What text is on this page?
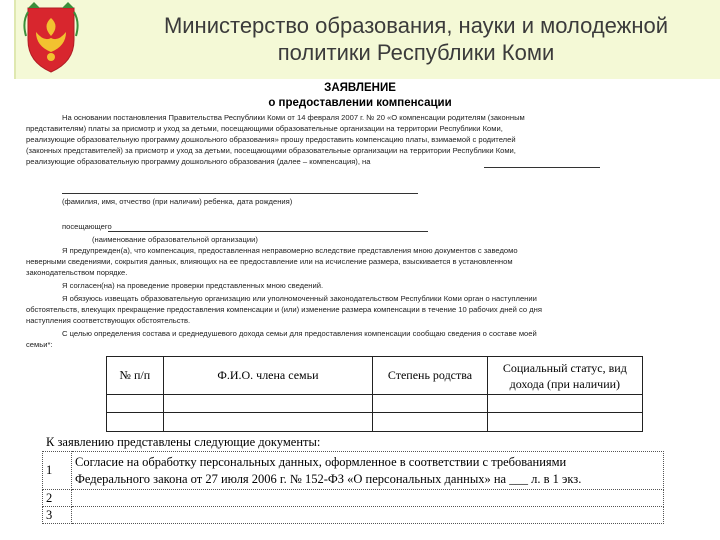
Министерство образования, науки и молодежной
политики Республики Коми
ЗАЯВЛЕНИЕ
о предоставлении компенсации
На основании постановления Правительства Республики Коми от 14 февраля 2007 г. № 20 «О компенсации родителям (законным
представителям) платы за присмотр и уход за детьми, посещающими образовательные организации на территории Республики Коми,
реализующие образовательную программу дошкольного образования» прошу предоставить компенсацию платы, взимаемой с родителей
(законных представителей) за присмотр и уход за детьми, посещающими образовательные организации на территории Республики Коми,
реализующие образовательную программу дошкольного образования (далее – компенсация), на
(фамилия, имя, отчество (при наличии) ребенка, дата рождения)
посещающего
(наименование образовательной организации)
Я предупрежден(а), что компенсация, предоставленная неправомерно вследствие представления мною документов с заведомо
неверными сведениями, сокрытия данных, влияющих на ее предоставление или на исчисление размера, взыскивается в установленном
законодательством порядке.
Я согласен(на) на проведение проверки представленных мною сведений.
Я обязуюсь извещать образовательную организацию или уполномоченный законодательством Республики Коми орган о наступлении
обстоятельств, влекущих прекращение предоставления компенсации и (или) изменение размера компенсации в течение 10 рабочих дней со дня
наступления соответствующих обстоятельств.
С целью определения состава и среднедушевого дохода семьи для предоставления компенсации сообщаю сведения о составе моей
семьи*:
№ п/п	Ф.И.О. члена семьи	Степень родства	Социальный статус, вид дохода (при наличии)

К заявлению представлены следующие документы:
1	Согласие на обработку персональных данных, оформленное в соответствии с требованиями
Федерального закона от 27 июля 2006 г. № 152-ФЗ «О персональных данных» на ___ л. в 1 экз.

2	
3	
